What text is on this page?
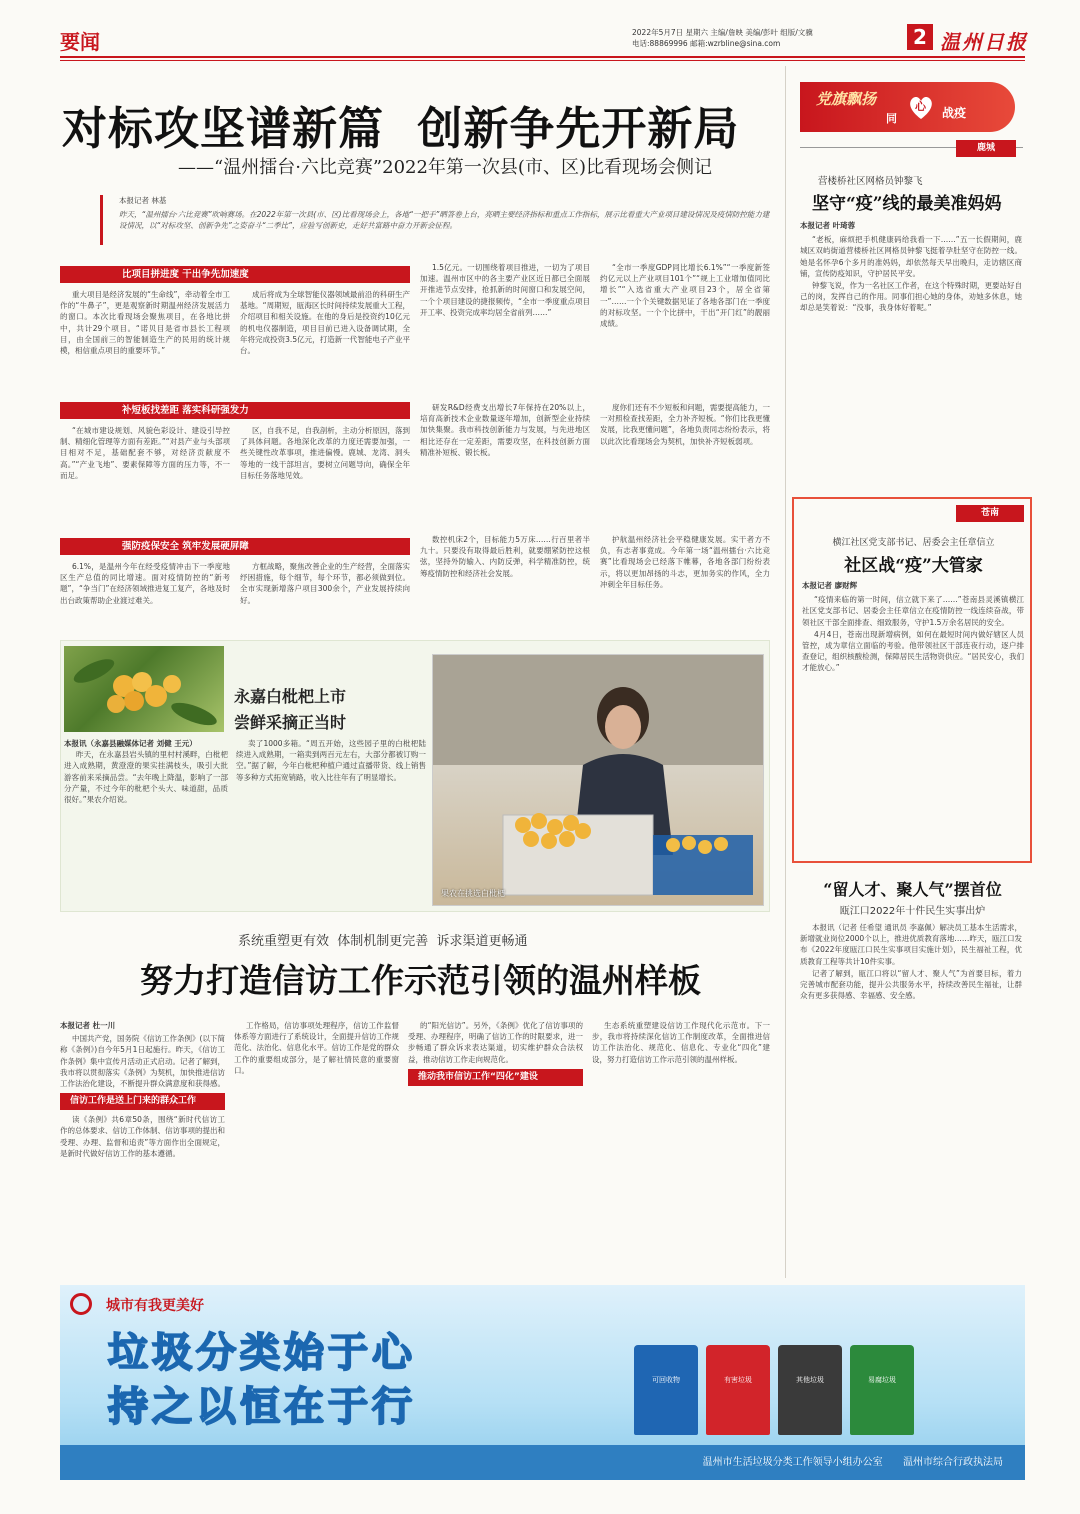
要闻	2022年5月7日 星期六 主编/詹映 美编/彭叶 组版/文骥
电话:88869996 邮箱:wzrbline@sina.com	2 温州日报
对标攻坚谱新篇  创新争先开新局
——“温州擂台·六比竞赛”2022年第一次县(市、区)比看现场会侧记
本报记者 林基
昨天，“温州擂台·六比竞赛”吹响赛场。在2022年第一次县(市、区)比看现场会上，各地“一把手”晒答卷上台，亮晒主要经济指标和重点工作指标，展示比看重大产业项目建设情况及疫情防控能力建设情况，以“对标攻坚、创新争先”之姿奋斗“二季比”，应验写创新史，走好共富路中奋力开新会征程。
比项目拼进度 干出争先加速度

重大项目是经济发展的“生命线”，牵动着全市工作的“牛鼻子”，更是观察新时期温州经济发展活力的窗口。本次比看现场会聚焦项目，在各地比拼中，共计29个项目。“诺贝目是省市县长工程项目，由全国前三的智能制造生产的民用的统计规模，相信重点项目的重要环节。”

成后将成为全球智能仪器领域最前沿的科研生产基地。“周期短，瓯海区长时间持续发展重大工程，介绍项目和相关设施。在他的身后是投资约10亿元的机电仪器制造，项目目前已进入设备调试期，全年将完成投资3.5亿元，打造新一代智能电子产业平台。

1.5亿元。一切围绕着项目推进，一切为了项目加速。温州市区中的各主要产业区近日都已全面展开推进节点安排，抢抓新的时间窗口和发展空间，一个个项目建设的捷报频传，“全市一季度重点项目开工率、投资完成率均居全省前列……”

“全市一季度GDP同比增长6.1%”“一季度新签约亿元以上产业项目101个”“规上工业增加值同比增长”“入选省重大产业项目23个，居全省第一”……一个个关键数据见证了各地各部门在一季度的对标攻坚。一个个比拼中，干出“开门红”的靓丽成绩。

补短板找差距 落实科研强发力

“在城市建设规划、风貌色彩设计、建设引导控制、精细化管理等方面有差距。”“对县产业与头部项目相对不足，基础配套不够，对经济贡献度不高。”“产业飞地”、要素保障等方面的压力等，不一而足。

区，自我不足，自我剖析，主动分析原因，落到了具体问题。各地深化改革的力度还需要加强，一些关键性改革事项，推进偏慢。鹿城、龙湾、洞头等地的一线干部坦言，要树立问题导向，确保全年目标任务落地见效。

研发R&D经费支出增长7年保持在20%以上，培育高新技术企业数量逐年增加，创新型企业持续加快集聚。我市科技创新能力与发展，与先进地区相比还存在一定差距，需要攻坚，在科技创新方面精准补短板、锻长板。

度你们还有不少短板和问题，需要提高能力，一一对照检查找差距，全力补齐短板。“你们比我更懂发展，比我更懂问题”，各地负责同志纷纷表示，将以此次比看现场会为契机，加快补齐短板弱项。

强防疫保安全 筑牢发展硬屏障

6.1%，是温州今年在经受疫情冲击下一季度地区生产总值的同比增速。面对疫情防控的“新考题”，“争当门”在经济领域推进复工复产，各地及时出台政策帮助企业渡过难关。

方框战略，聚焦改善企业的生产经营，全面落实纾困措施，每个细节，每个环节，都必须做到位。全市实现新增落户项目300余个，产业发展持续向好。

数控机床2个，目标能力5万床……行百里者半九十。只要没有取得最后胜利，就要绷紧防控这根弦，坚持外防输入、内防反弹，科学精准防控，统筹疫情防控和经济社会发展。

护航温州经济社会平稳健康发展。实干者方不负，有志者事竟成。今年第一场“温州擂台·六比竞赛”比看现场会已经落下帷幕，各地各部门纷纷表示，将以更加昂扬的斗志，更加务实的作风，全力冲刺全年目标任务。

永嘉白枇杷上市
尝鲜采摘正当时
本报讯（永嘉县融媒体记者 刘健 王元）

昨天，在永嘉县岩头镇的里村村溪畔，白枇杷进入成熟期，黄澄澄的果实挂满枝头，吸引大批游客前来采摘品尝。“去年晚上降温，影响了一部分产量，不过今年的枇杷个头大、味道甜，品质很好。”果农介绍说。

卖了1000多箱。“周五开始，这些园子里的白枇杷陆续进入成熟期，一箱卖到两百元左右，大部分都被订购一空。”据了解，今年白枇杷种植户通过直播带货、线上销售等多种方式拓宽销路，收入比往年有了明显增长。

果农在挑选白枇杷
系统重塑更有效  体制机制更完善  诉求渠道更畅通
努力打造信访工作示范引领的温州样板
本报记者 杜一川

中国共产党，国务院《信访工作条例》(以下简称《条例》)自今年5月1日起施行。昨天，《信访工作条例》集中宣传月活动正式启动。记者了解到，我市将以贯彻落实《条例》为契机，加快推进信访工作法治化建设，不断提升群众满意度和获得感。

信访工作是送上门来的群众工作

读《条例》共6章50条，围绕“新时代信访工作的总体要求、信访工作体制、信访事项的提出和受理、办理、监督和追责”等方面作出全面规定，是新时代做好信访工作的基本遵循。

工作格局，信访事项处理程序，信访工作监督体系等方面进行了系统设计，全面提升信访工作规范化、法治化、信息化水平。信访工作是党的群众工作的重要组成部分，是了解社情民意的重要窗口。

的“阳光信访”。另外，《条例》优化了信访事项的受理、办理程序，明确了信访工作的时限要求，进一步畅通了群众诉求表达渠道，切实维护群众合法权益，推动信访工作走向规范化。

推动我市信访工作“四化”建设

生态系统重塑建设信访工作现代化示范市。下一步，我市将持续深化信访工作制度改革，全面推进信访工作法治化、规范化、信息化、专业化“四化”建设，努力打造信访工作示范引领的温州样板。

城市有我更美好
垃圾分类始于心
持之以恒在于行
可回收物	有害垃圾	其他垃圾	易腐垃圾
温州市生活垃圾分类工作领导小组办公室 温州市综合行政执法局
党旗飘扬
同
心 战疫
鹿城
营楼桥社区网格员钟黎飞
坚守“疫”线的最美准妈妈
本报记者 叶琦蓉

“老板，麻烦把手机健康码给我看一下……”五一长假期间，鹿城区双屿街道营楼桥社区网格员钟黎飞挺着孕肚坚守在防控一线。她是名怀孕6个多月的准妈妈，却依然每天早出晚归，走访辖区商铺，宣传防疫知识，守护居民平安。

钟黎飞说，作为一名社区工作者，在这个特殊时期，更要站好自己的岗，发挥自己的作用。同事们担心她的身体，劝她多休息，她却总是笑着说：“没事，我身体好着呢。”

苍南
横江社区党支部书记、居委会主任章信立
社区战“疫”大管家
本报记者 廖财辉

“疫情来临的第一时间，信立就下来了……”苍南县灵溪镇横江社区党支部书记、居委会主任章信立在疫情防控一线连续奋战，带领社区干部全面排查、细致服务，守护1.5万余名居民的安全。

4月4日，苍南出现新增病例，如何在最短时间内做好辖区人员管控，成为章信立面临的考验。他带领社区干部连夜行动，逐户排查登记，组织核酸检测，保障居民生活物资供应。“居民安心，我们才能放心。”

“留人才、聚人气”摆首位
瓯江口2022年十件民生实事出炉

本报讯（记者 任希望 通讯员 李嘉佩）解决员工基本生活需求，新增就业岗位2000个以上，推进优质教育落地……昨天，瓯江口发布《2022年度瓯江口民生实事项目实施计划》，民生福祉工程，优质教育工程等共计10件实事。

记者了解到，瓯江口将以“留人才、聚人气”为首要目标，着力完善城市配套功能，提升公共服务水平，持续改善民生福祉，让群众有更多获得感、幸福感、安全感。
